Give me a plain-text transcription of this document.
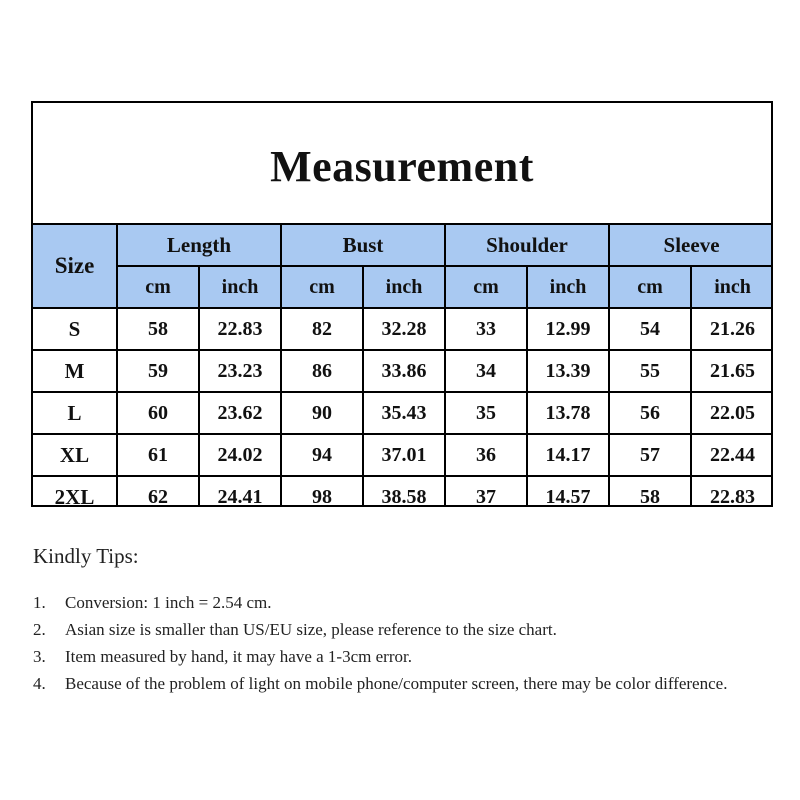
Measurement
Size	Length		Bust		Shoulder		Sleeve	
	cm	inch	cm	inch	cm	inch	cm	inch
S	58	22.83	82	32.28	33	12.99	54	21.26
M	59	23.23	86	33.86	34	13.39	55	21.65
L	60	23.62	90	35.43	35	13.78	56	22.05
XL	61	24.02	94	37.01	36	14.17	57	22.44
2XL	62	24.41	98	38.58	37	14.57	58	22.83
Kindly Tips:
1.	Conversion: 1 inch = 2.54 cm.
2.	Asian size is smaller than US/EU size, please reference to the size chart.
3.	Item measured by hand, it may have a 1-3cm error.
4.	Because of the problem of light on mobile phone/computer screen, there may be color difference.
